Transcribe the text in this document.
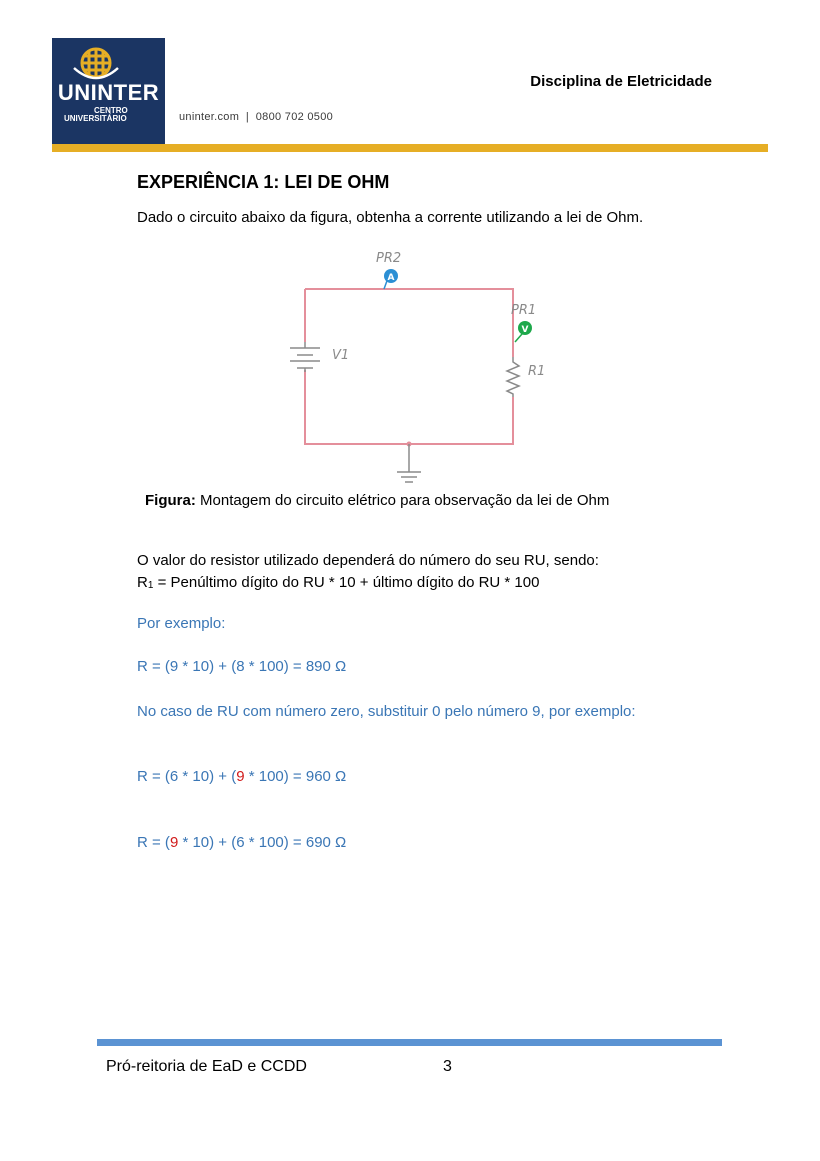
UNINTER
CENTRO
UNIVERSITÁRIO	uninter.com  |  0800 702 0500
Disciplina de Eletricidade
EXPERIÊNCIA 1: LEI DE OHM
Dado o circuito abaixo da figura, obtenha a corrente utilizando a lei de Ohm.
V1
R1
PR2
A
PR1
V
Figura: Montagem do circuito elétrico para observação da lei de Ohm
O valor do resistor utilizado dependerá do número do seu RU, sendo:
R1 = Penúltimo dígito do RU * 10 + último dígito do RU * 100
Por exemplo:
R = (9 * 10) + (8 * 100) = 890 Ω
No caso de RU com número zero, substituir 0 pelo número 9, por exemplo:
R = (6 * 10) + (9 * 100) = 960 Ω
R = (9 * 10) + (6 * 100) = 690 Ω
Pró-reitoria de EaD e CCDD	3
